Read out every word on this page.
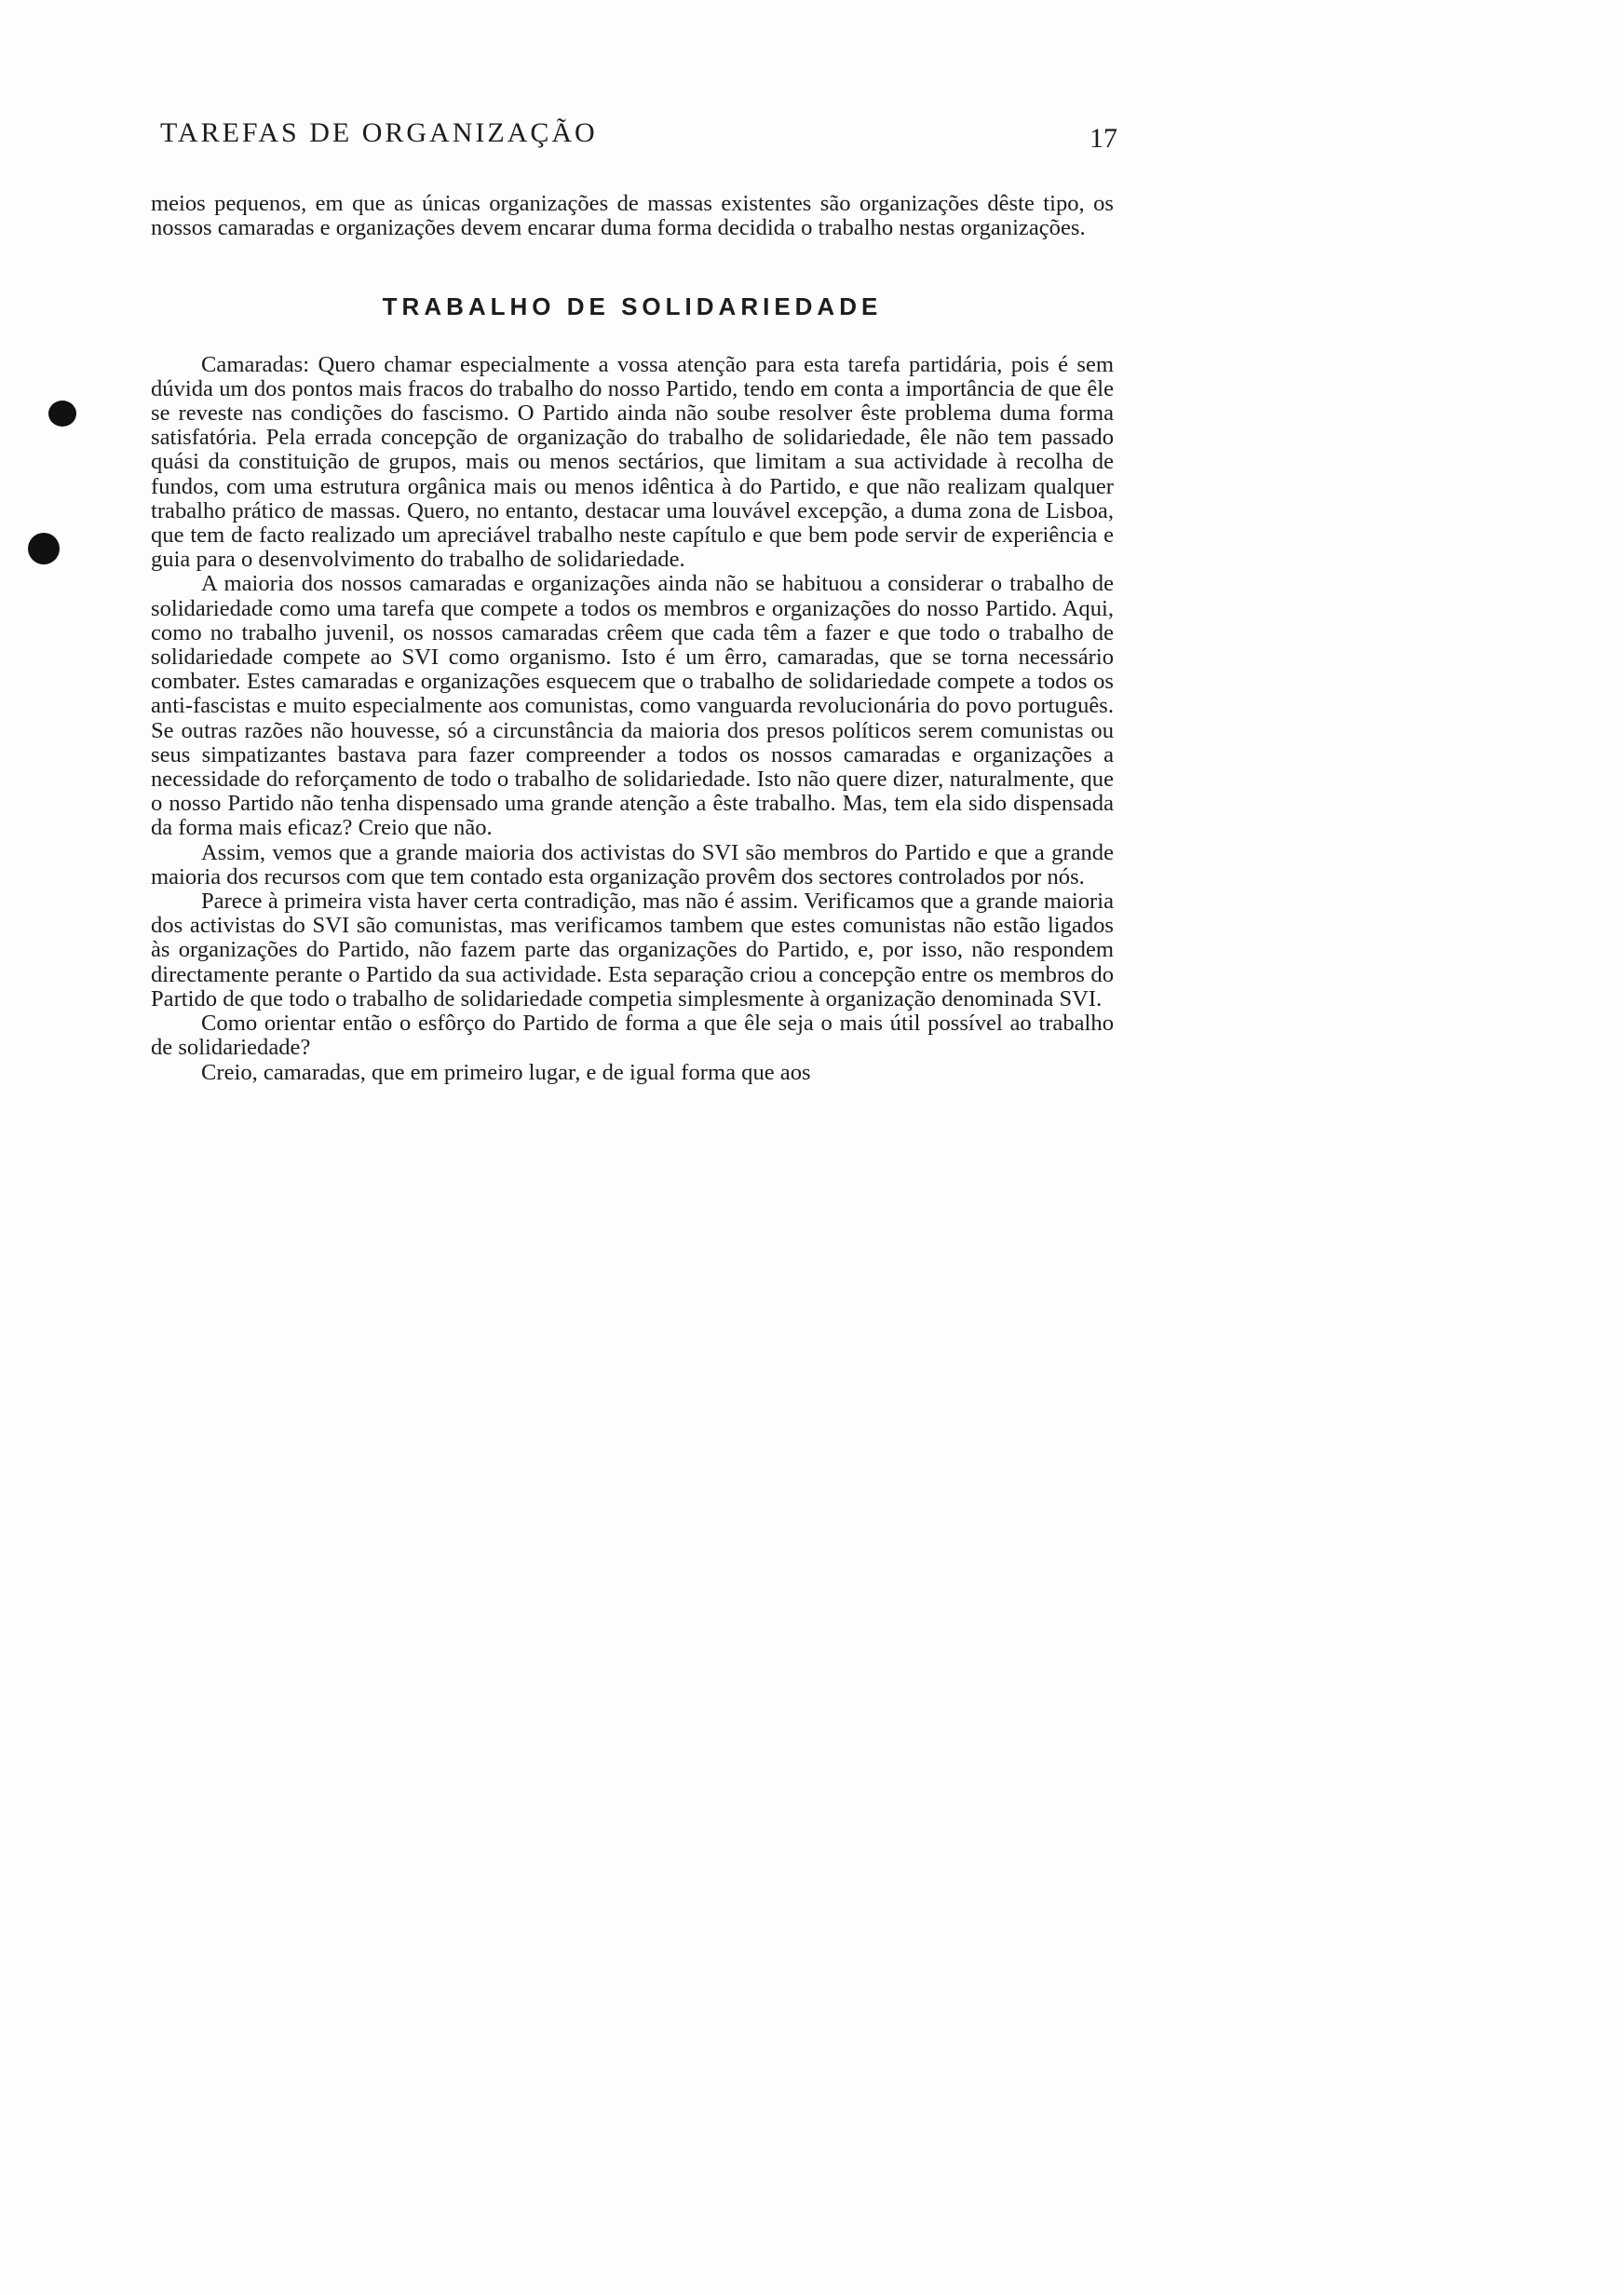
TAREFAS DE ORGANIZAÇÃO	17

meios pequenos, em que as únicas organizações de massas existentes são organizações dêste tipo, os nossos camaradas e organizações devem encarar duma forma decidida o trabalho nestas organizações.

TRABALHO DE SOLIDARIEDADE

Camaradas: Quero chamar especialmente a vossa atenção para esta tarefa partidária, pois é sem dúvida um dos pontos mais fracos do trabalho do nosso Partido, tendo em conta a importância de que êle se reveste nas condições do fascismo. O Partido ainda não soube resolver êste problema duma forma satisfatória. Pela errada concepção de organização do trabalho de solidariedade, êle não tem passado quási da constituição de grupos, mais ou menos sectários, que limitam a sua actividade à recolha de fundos, com uma estrutura orgânica mais ou menos idêntica à do Partido, e que não realizam qualquer trabalho prático de massas. Quero, no entanto, destacar uma louvável excepção, a duma zona de Lisboa, que tem de facto realizado um apreciável trabalho neste capítulo e que bem pode servir de experiência e guia para o desenvolvimento do trabalho de solidariedade.

A maioria dos nossos camaradas e organizações ainda não se habituou a considerar o trabalho de solidariedade como uma tarefa que compete a todos os membros e organizações do nosso Partido. Aqui, como no trabalho juvenil, os nossos camaradas crêem que cada têm a fazer e que todo o trabalho de solidariedade compete ao SVI como organismo. Isto é um êrro, camaradas, que se torna necessário combater. Estes camaradas e organizações esquecem que o trabalho de solidariedade compete a todos os anti-fascistas e muito especialmente aos comunistas, como vanguarda revolucionária do povo português. Se outras razões não houvesse, só a circunstância da maioria dos presos políticos serem comunistas ou seus simpatizantes bastava para fazer compreender a todos os nossos camaradas e organizações a necessidade do reforçamento de todo o trabalho de solidariedade. Isto não quere dizer, naturalmente, que o nosso Partido não tenha dispensado uma grande atenção a êste trabalho. Mas, tem ela sido dispensada da forma mais eficaz? Creio que não.

Assim, vemos que a grande maioria dos activistas do SVI são membros do Partido e que a grande maioria dos recursos com que tem contado esta organização provêm dos sectores controlados por nós.

Parece à primeira vista haver certa contradição, mas não é assim. Verificamos que a grande maioria dos activistas do SVI são comunistas, mas verificamos tambem que estes comunistas não estão ligados às organizações do Partido, não fazem parte das organizações do Partido, e, por isso, não respondem directamente perante o Partido da sua actividade. Esta separação criou a concepção entre os membros do Partido de que todo o trabalho de solidariedade competia simplesmente à organização denominada SVI.

Como orientar então o esfôrço do Partido de forma a que êle seja o mais útil possível ao trabalho de solidariedade?

Creio, camaradas, que em primeiro lugar, e de igual forma que aos
